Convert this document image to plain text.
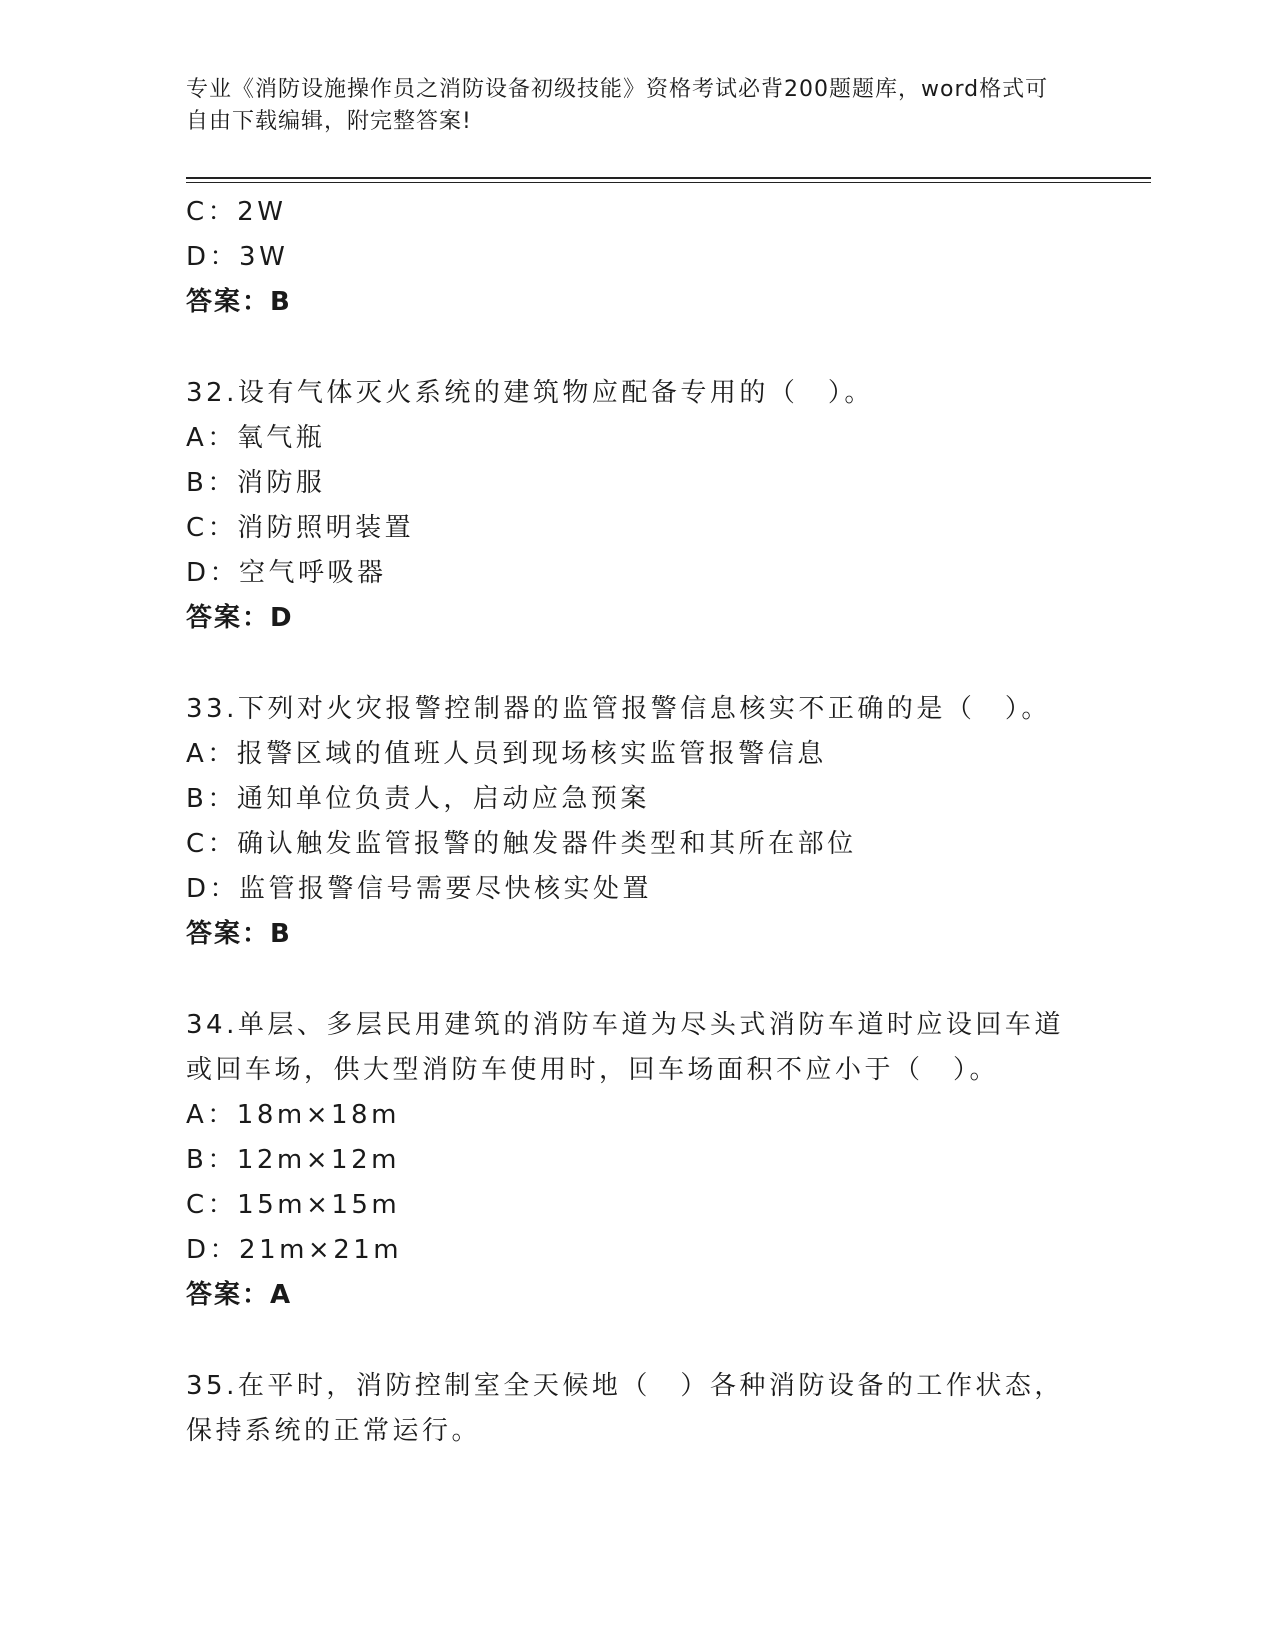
专业《消防设施操作员之消防设备初级技能》资格考试必背200题题库，word格式可自由下载编辑，附完整答案!
C：2W
D：3W
答案：B
32.设有气体灭火系统的建筑物应配备专用的（　）。
A：氧气瓶
B：消防服
C：消防照明装置
D：空气呼吸器
答案：D
33.下列对火灾报警控制器的监管报警信息核实不正确的是（　）。
A：报警区域的值班人员到现场核实监管报警信息
B：通知单位负责人，启动应急预案
C：确认触发监管报警的触发器件类型和其所在部位
D：监管报警信号需要尽快核实处置
答案：B
34.单层、多层民用建筑的消防车道为尽头式消防车道时应设回车道或回车场，供大型消防车使用时，回车场面积不应小于（　）。
A：18m×18m
B：12m×12m
C：15m×15m
D：21m×21m
答案：A
35.在平时，消防控制室全天候地（　）各种消防设备的工作状态，保持系统的正常运行。
